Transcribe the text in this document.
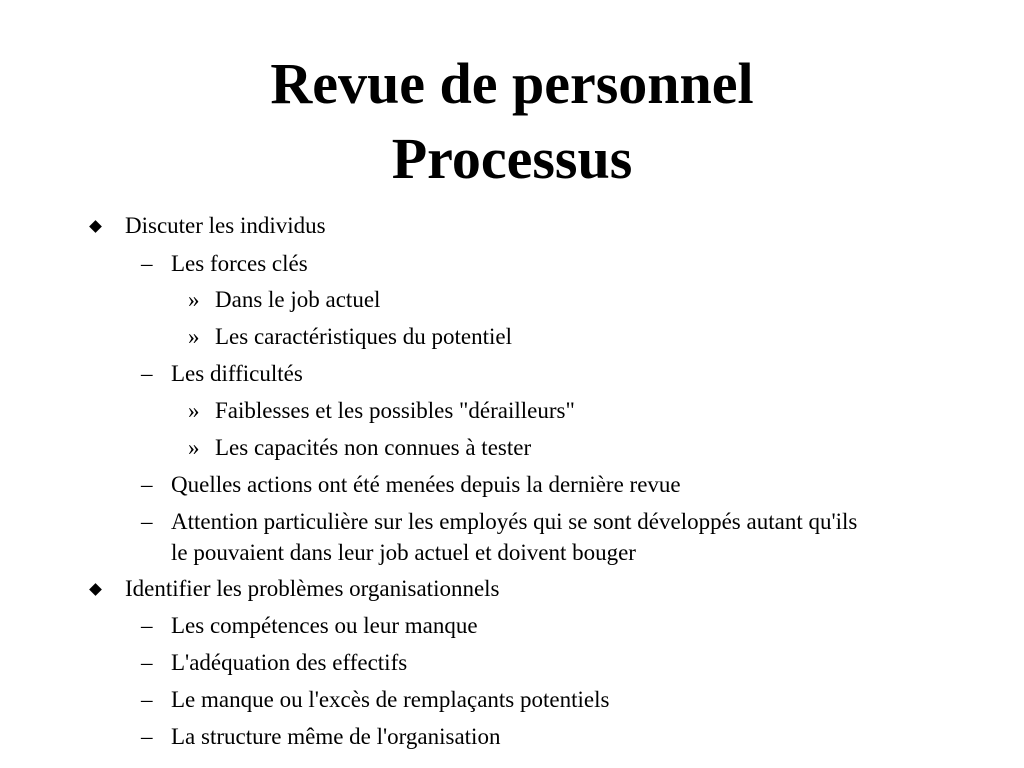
Revue de personnel
Processus
Discuter les individus
– Les forces clés
» Dans le job actuel
» Les caractéristiques du potentiel
– Les difficultés
» Faiblesses et les possibles "dérailleurs"
» Les capacités non connues à tester
– Quelles actions ont été menées depuis la dernière revue
– Attention particulière sur les employés qui se sont développés autant qu'ils
le pouvaient dans leur job actuel et doivent bouger
Identifier les problèmes organisationnels
– Les compétences ou leur manque
– L'adéquation des effectifs
– Le manque ou l'excès de remplaçants potentiels
– La structure même de l'organisation
